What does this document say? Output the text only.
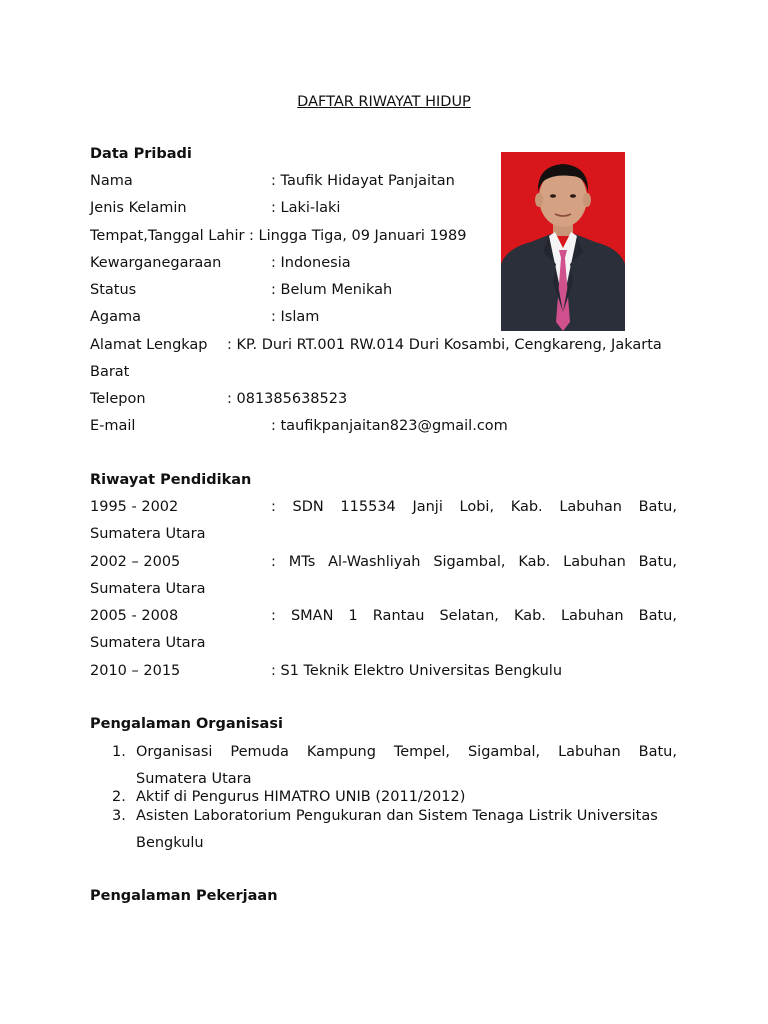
DAFTAR RIWAYAT HIDUP
Data Pribadi
Nama	: Taufik Hidayat Panjaitan
Jenis Kelamin	: Laki-laki
Tempat,Tanggal Lahir : Lingga Tiga, 09 Januari 1989
Kewarganegaraan	: Indonesia
Status	: Belum Menikah
Agama	: Islam
Alamat Lengkap : KP. Duri RT.001 RW.014 Duri Kosambi, Cengkareng, Jakarta
Barat
Telepon	: 081385638523
E-mail	: taufikpanjaitan823@gmail.com
Riwayat Pendidikan
1995 - 2002	: SDN 115534 Janji Lobi, Kab. Labuhan Batu,
Sumatera Utara
2002 – 2005	: MTs Al-Washliyah Sigambal, Kab. Labuhan Batu,
Sumatera Utara
2005 - 2008	: SMAN 1 Rantau Selatan, Kab. Labuhan Batu,
Sumatera Utara
2010 – 2015	: S1 Teknik Elektro Universitas Bengkulu
Pengalaman Organisasi
1. Organisasi Pemuda Kampung Tempel, Sigambal, Labuhan Batu,
Sumatera Utara
2. Aktif di Pengurus HIMATRO UNIB (2011/2012)
3. Asisten Laboratorium Pengukuran dan Sistem Tenaga Listrik Universitas
Bengkulu
Pengalaman Pekerjaan
